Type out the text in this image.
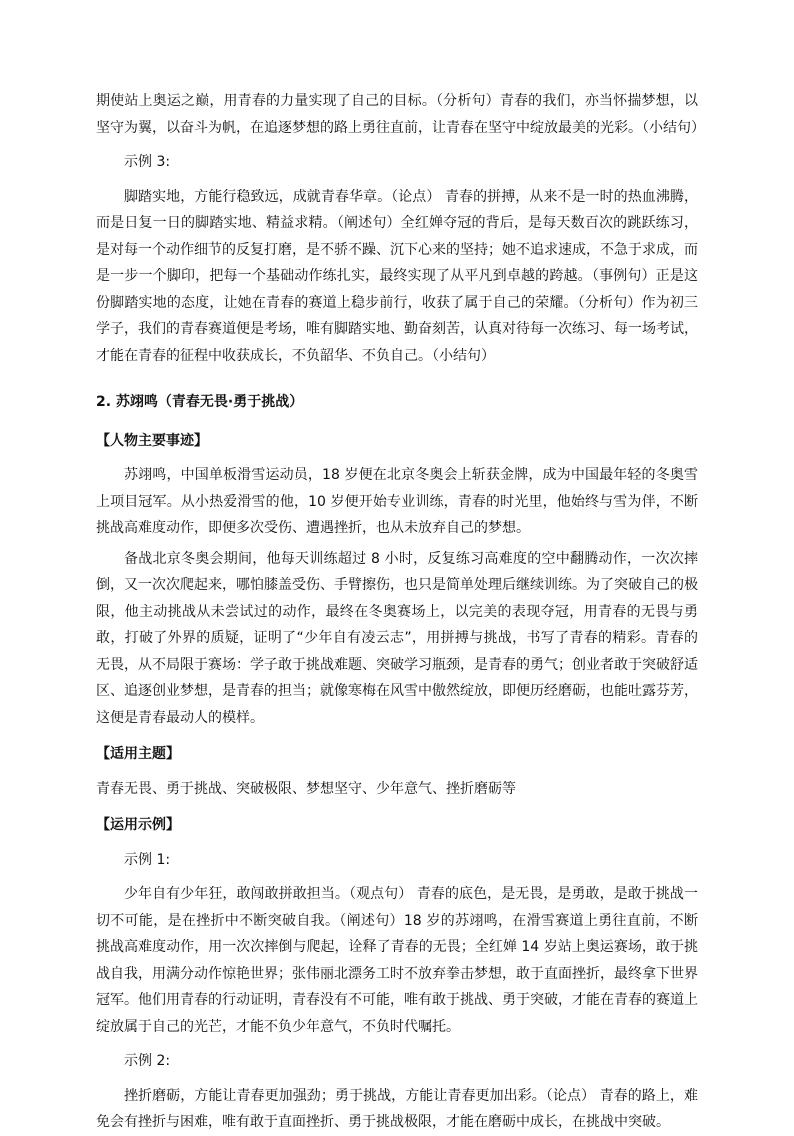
期使站上奥运之巅，用青春的力量实现了自己的目标。（分析句）青春的我们，亦当怀揣梦想，以坚守为翼，以奋斗为帆，在追逐梦想的路上勇往直前，让青春在坚守中绽放最美的光彩。（小结句）

示例 3:

脚踏实地，方能行稳致远，成就青春华章。（论点） 青春的拼搏，从来不是一时的热血沸腾，而是日复一日的脚踏实地、精益求精。（阐述句）全红婵夺冠的背后，是每天数百次的跳跃练习，是对每一个动作细节的反复打磨，是不骄不躁、沉下心来的坚持；她不追求速成，不急于求成，而是一步一个脚印，把每一个基础动作练扎实，最终实现了从平凡到卓越的跨越。（事例句）正是这份脚踏实地的态度，让她在青春的赛道上稳步前行，收获了属于自己的荣耀。（分析句）作为初三学子，我们的青春赛道便是考场，唯有脚踏实地、勤奋刻苦，认真对待每一次练习、每一场考试，才能在青春的征程中收获成长，不负韶华、不负自己。（小结句）

2. 苏翊鸣（青春无畏·勇于挑战）

【人物主要事迹】

苏翊鸣，中国单板滑雪运动员，18 岁便在北京冬奥会上斩获金牌，成为中国最年轻的冬奥雪上项目冠军。从小热爱滑雪的他，10 岁便开始专业训练，青春的时光里，他始终与雪为伴，不断挑战高难度动作，即便多次受伤、遭遇挫折，也从未放弃自己的梦想。

备战北京冬奥会期间，他每天训练超过 8 小时，反复练习高难度的空中翻腾动作，一次次摔倒，又一次次爬起来，哪怕膝盖受伤、手臂擦伤，也只是简单处理后继续训练。为了突破自己的极限，他主动挑战从未尝试过的动作，最终在冬奥赛场上，以完美的表现夺冠，用青春的无畏与勇敢，打破了外界的质疑，证明了“少年自有凌云志”，用拼搏与挑战，书写了青春的精彩。青春的无畏，从不局限于赛场：学子敢于挑战难题、突破学习瓶颈，是青春的勇气；创业者敢于突破舒适区、追逐创业梦想，是青春的担当；就像寒梅在风雪中傲然绽放，即便历经磨砺，也能吐露芬芳，这便是青春最动人的模样。

【适用主题】

青春无畏、勇于挑战、突破极限、梦想坚守、少年意气、挫折磨砺等

【运用示例】

示例 1:

少年自有少年狂，敢闯敢拼敢担当。（观点句） 青春的底色，是无畏，是勇敢，是敢于挑战一切不可能，是在挫折中不断突破自我。（阐述句）18 岁的苏翊鸣，在滑雪赛道上勇往直前，不断挑战高难度动作，用一次次摔倒与爬起，诠释了青春的无畏；全红婵 14 岁站上奥运赛场，敢于挑战自我，用满分动作惊艳世界；张伟丽北漂务工时不放弃拳击梦想，敢于直面挫折，最终拿下世界冠军。他们用青春的行动证明，青春没有不可能，唯有敢于挑战、勇于突破，才能在青春的赛道上绽放属于自己的光芒，才能不负少年意气，不负时代嘱托。

示例 2:

挫折磨砺，方能让青春更加强劲；勇于挑战，方能让青春更加出彩。（论点） 青春的路上，难免会有挫折与困难，唯有敢于直面挫折、勇于挑战极限，才能在磨砺中成长，在挑战中突破。
